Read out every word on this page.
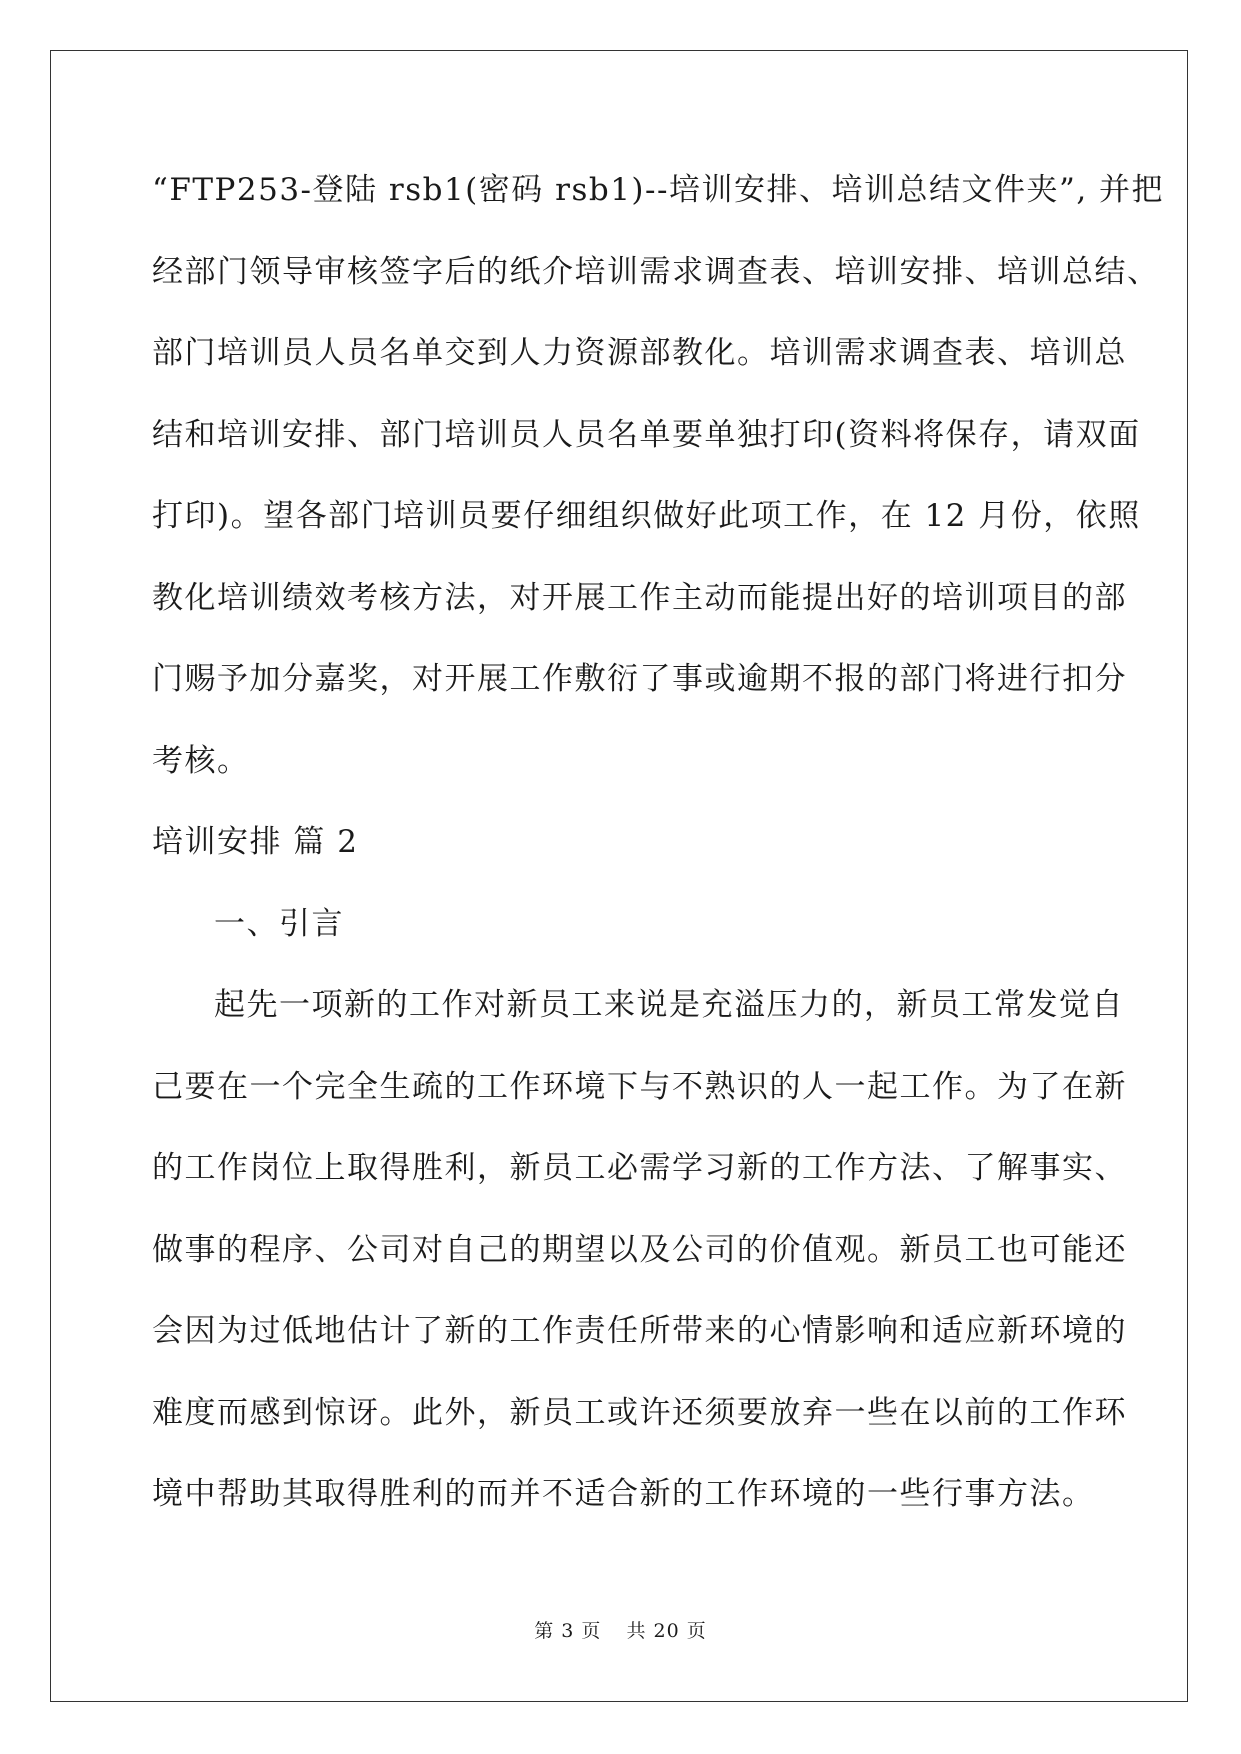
“FTP253-登陆 rsb1(密码 rsb1)--培训安排、培训总结文件夹”, 并把
经部门领导审核签字后的纸介培训需求调查表、培训安排、培训总结、
部门培训员人员名单交到人力资源部教化。培训需求调查表、培训总
结和培训安排、部门培训员人员名单要单独打印(资料将保存，请双面
打印)。望各部门培训员要仔细组织做好此项工作，在 12 月份，依照
教化培训绩效考核方法，对开展工作主动而能提出好的培训项目的部
门赐予加分嘉奖，对开展工作敷衍了事或逾期不报的部门将进行扣分
考核。
培训安排 篇 2
一、引言
起先一项新的工作对新员工来说是充溢压力的，新员工常发觉自
己要在一个完全生疏的工作环境下与不熟识的人一起工作。为了在新
的工作岗位上取得胜利，新员工必需学习新的工作方法、了解事实、
做事的程序、公司对自己的期望以及公司的价值观。新员工也可能还
会因为过低地估计了新的工作责任所带来的心情影响和适应新环境的
难度而感到惊讶。此外，新员工或许还须要放弃一些在以前的工作环
境中帮助其取得胜利的而并不适合新的工作环境的一些行事方法。
第 3 页 共 20 页
